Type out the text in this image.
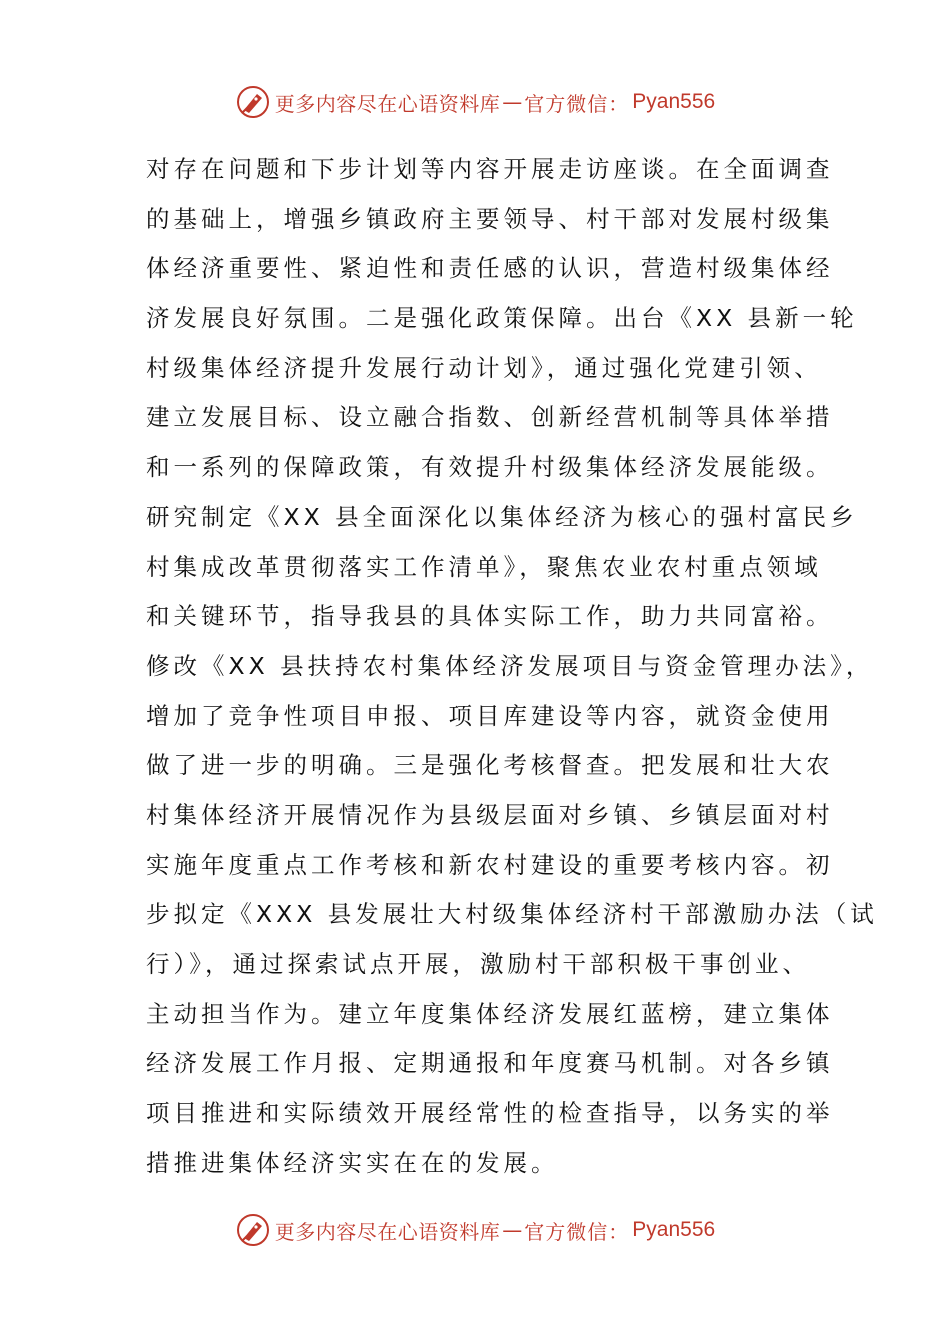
更多内容尽在心语资料库 — 官方微信 ： Pyan556
对存在问题和下步计划等内容开展走访座谈。在全面调查
的基础上，增强乡镇政府主要领导、村干部对发展村级集
体经济重要性、紧迫性和责任感的认识，营造村级集体经
济发展良好氛围。二是强化政策保障。出台《XX 县新一轮
村级集体经济提升发展行动计划》，通过强化党建引领、
建立发展目标、设立融合指数、创新经营机制等具体举措
和一系列的保障政策，有效提升村级集体经济发展能级。
研究制定《XX 县全面深化以集体经济为核心的强村富民乡
村集成改革贯彻落实工作清单》，聚焦农业农村重点领域
和关键环节，指导我县的具体实际工作，助力共同富裕。
修改《XX 县扶持农村集体经济发展项目与资金管理办法》，
增加了竞争性项目申报、项目库建设等内容，就资金使用
做了进一步的明确。三是强化考核督查。把发展和壮大农
村集体经济开展情况作为县级层面对乡镇、乡镇层面对村
实施年度重点工作考核和新农村建设的重要考核内容。初
步拟定《XXX 县发展壮大村级集体经济村干部激励办法（试
行）》，通过探索试点开展，激励村干部积极干事创业、
主动担当作为。建立年度集体经济发展红蓝榜，建立集体
经济发展工作月报、定期通报和年度赛马机制。对各乡镇
项目推进和实际绩效开展经常性的检查指导，以务实的举
措推进集体经济实实在在的发展。
更多内容尽在心语资料库 — 官方微信 ： Pyan556
